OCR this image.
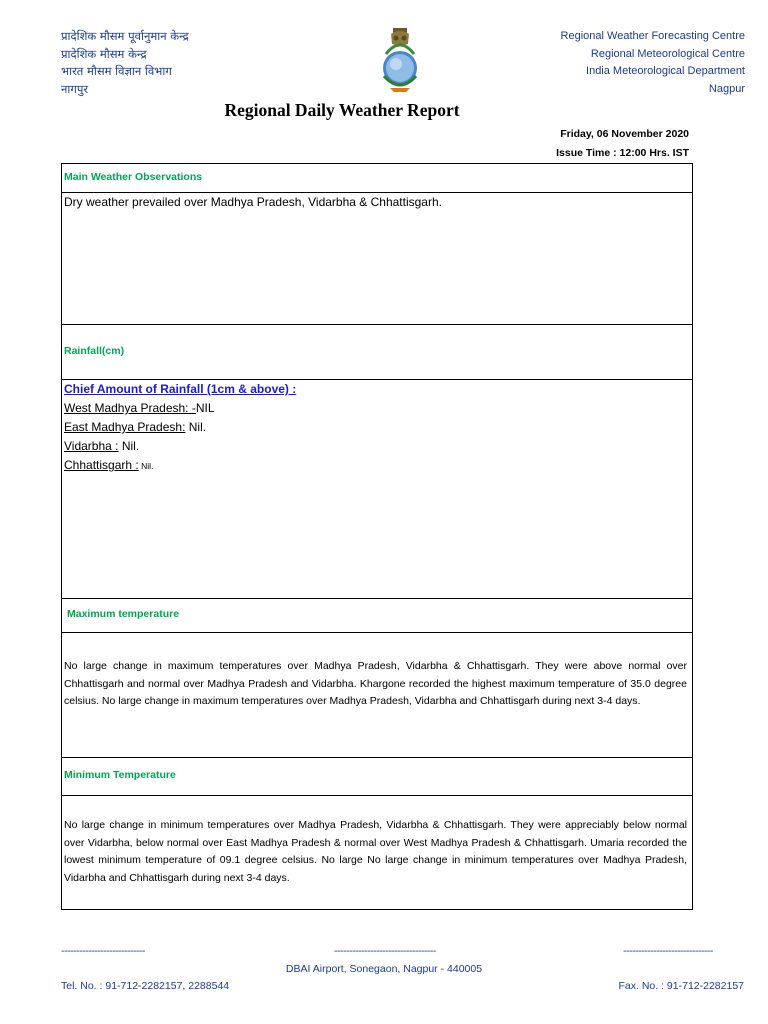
प्रादेशिक मौसम पूर्वानुमान केन्द्र
प्रादेशिक मौसम केन्द्र
भारत मौसम विज्ञान विभाग
नागपुर
Regional Weather Forecasting Centre
Regional Meteorological Centre
India Meteorological Department
Nagpur
Regional Daily Weather Report
Friday, 06 November 2020
Issue Time : 12:00 Hrs. IST
Main Weather Observations
Dry weather prevailed over Madhya Pradesh, Vidarbha & Chhattisgarh.
Rainfall(cm)
Chief Amount of Rainfall (1cm & above) :
West Madhya Pradesh: -NIL
East Madhya Pradesh: Nil.
Vidarbha : Nil.
Chhattisgarh : Nil.
Maximum temperature
No large change in maximum temperatures over Madhya Pradesh, Vidarbha & Chhattisgarh. They were above normal over Chhattisgarh and normal over Madhya Pradesh and Vidarbha. Khargone recorded the highest maximum temperature of 35.0 degree celsius. No large change in maximum temperatures over Madhya Pradesh, Vidarbha and Chhattisgarh during next 3-4 days.
Minimum Temperature
No large change in minimum temperatures over Madhya Pradesh, Vidarbha & Chhattisgarh. They were appreciably below normal over Vidarbha, below normal over East Madhya Pradesh & normal over West Madhya Pradesh & Chhattisgarh. Umaria recorded the lowest minimum temperature of 09.1 degree celsius. No large No large change in minimum temperatures over Madhya Pradesh, Vidarbha and Chhattisgarh during next 3-4 days.
----------------------------	----------------------------------	------------------------------
DBAI Airport, Sonegaon, Nagpur - 440005
Tel. No. : 91-712-2282157, 2288544	Fax. No. : 91-712-2282157
